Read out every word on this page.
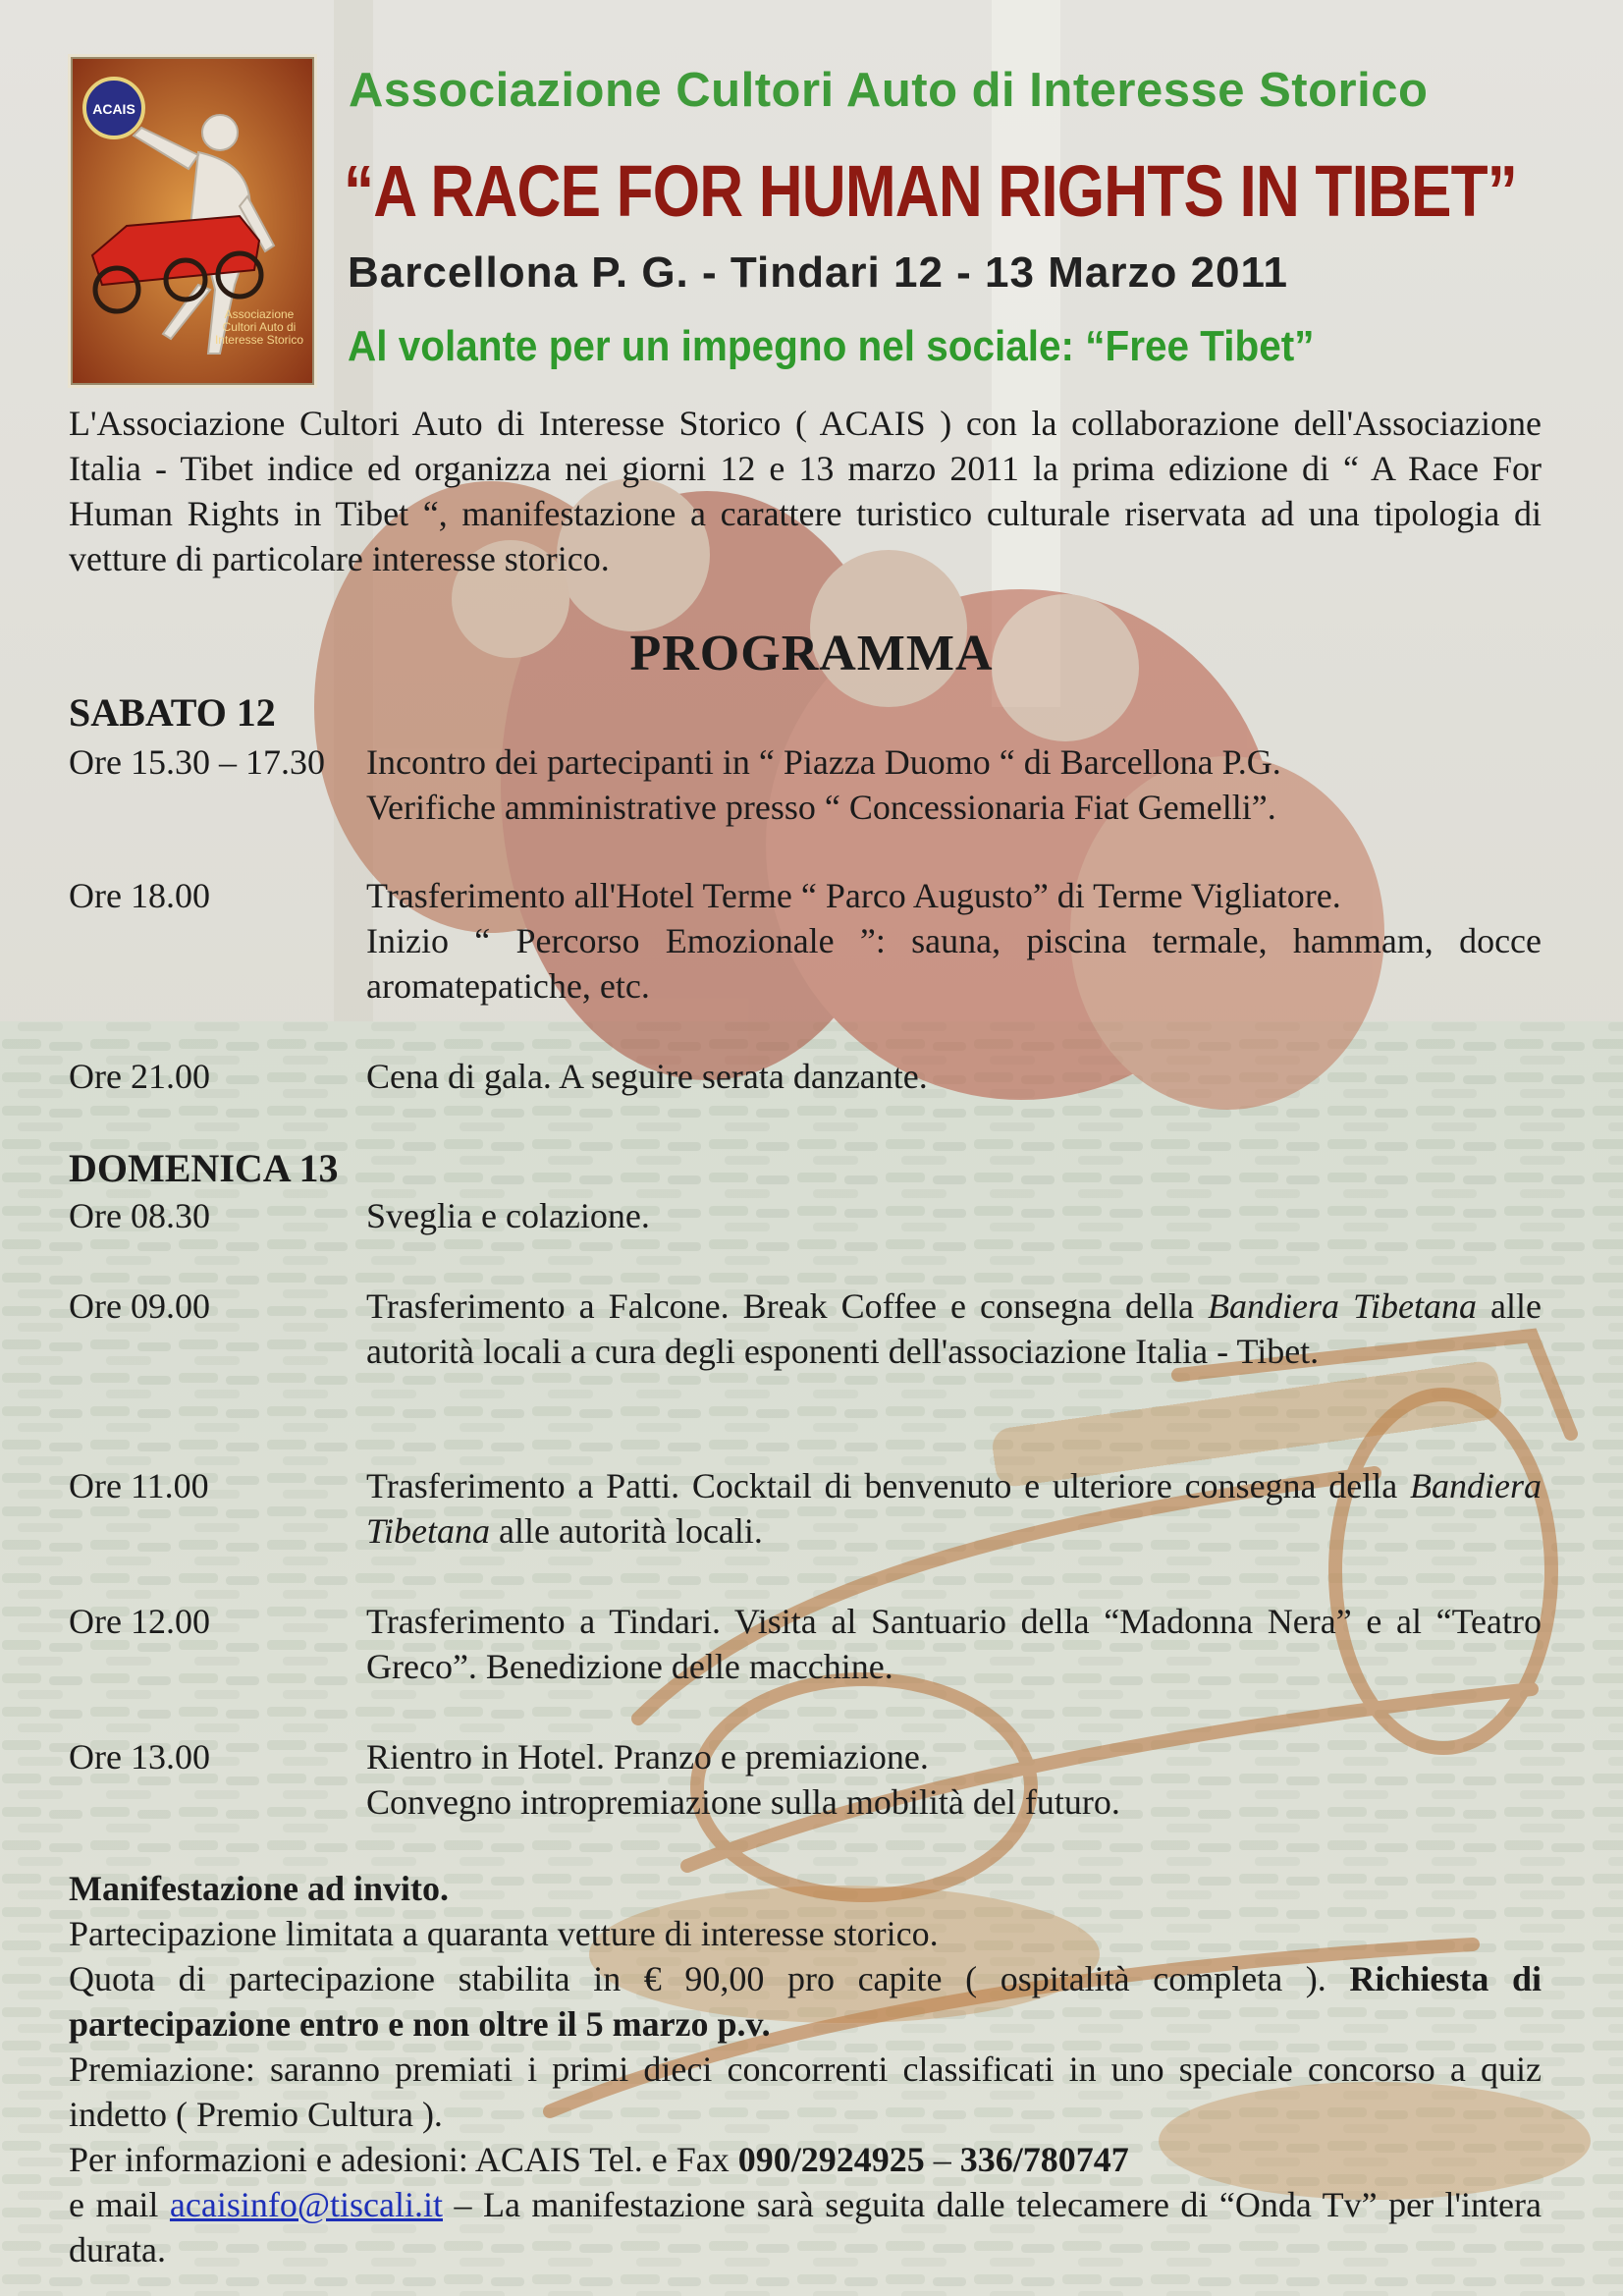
ACAIS
Associazione Cultori Auto di Interesse Storico
Associazione Cultori Auto di Interesse Storico
“A RACE FOR HUMAN RIGHTS IN TIBET”
Barcellona P. G. - Tindari 12 - 13 Marzo 2011
Al volante per un impegno nel sociale: “Free Tibet”

L'Associazione Cultori Auto di Interesse Storico ( ACAIS ) con la collaborazione dell'Associazione Italia - Tibet indice ed organizza nei giorni 12 e 13 marzo 2011 la prima edizione di “ A Race For Human Rights in Tibet “, manifestazione a carattere turistico culturale riservata ad una tipologia di vetture di particolare interesse storico.

PROGRAMMA
SABATO 12
Ore 15.30 – 17.30	Incontro dei partecipanti in “ Piazza Duomo “ di Barcellona P.G.
Verifiche amministrative presso “ Concessionaria Fiat Gemelli”.
Ore 18.00	Trasferimento all'Hotel Terme “ Parco Augusto” di Terme Vigliatore.
Inizio “ Percorso Emozionale ”: sauna, piscina termale, hammam, docce aromatepatiche, etc.
Ore 21.00	Cena di gala. A seguire serata danzante.
DOMENICA 13
Ore 08.30	Sveglia e colazione.
Ore 09.00	Trasferimento a Falcone. Break Coffee e consegna della Bandiera Tibetana alle autorità locali a cura degli esponenti dell'associazione Italia - Tibet.
Ore 11.00	Trasferimento a Patti. Cocktail di benvenuto e ulteriore consegna della Bandiera Tibetana alle autorità locali.
Ore 12.00	Trasferimento a Tindari. Visita al Santuario della “Madonna Nera” e al “Teatro Greco”. Benedizione delle macchine.
Ore 13.00	Rientro in Hotel. Pranzo e premiazione.
Convegno intropremiazione sulla mobilità del futuro.

Manifestazione ad invito.

Partecipazione limitata a quaranta vetture di interesse storico.

Quota di partecipazione stabilita in € 90,00 pro capite ( ospitalità completa ). Richiesta di partecipazione entro e non oltre il 5 marzo p.v.

Premiazione: saranno premiati i primi dieci concorrenti classificati in uno speciale concorso a quiz indetto ( Premio Cultura ).

Per informazioni e adesioni: ACAIS Tel. e Fax 090/2924925 – 336/780747

e mail acaisinfo@tiscali.it – La manifestazione sarà seguita dalle telecamere di “Onda Tv” per l'intera durata.
